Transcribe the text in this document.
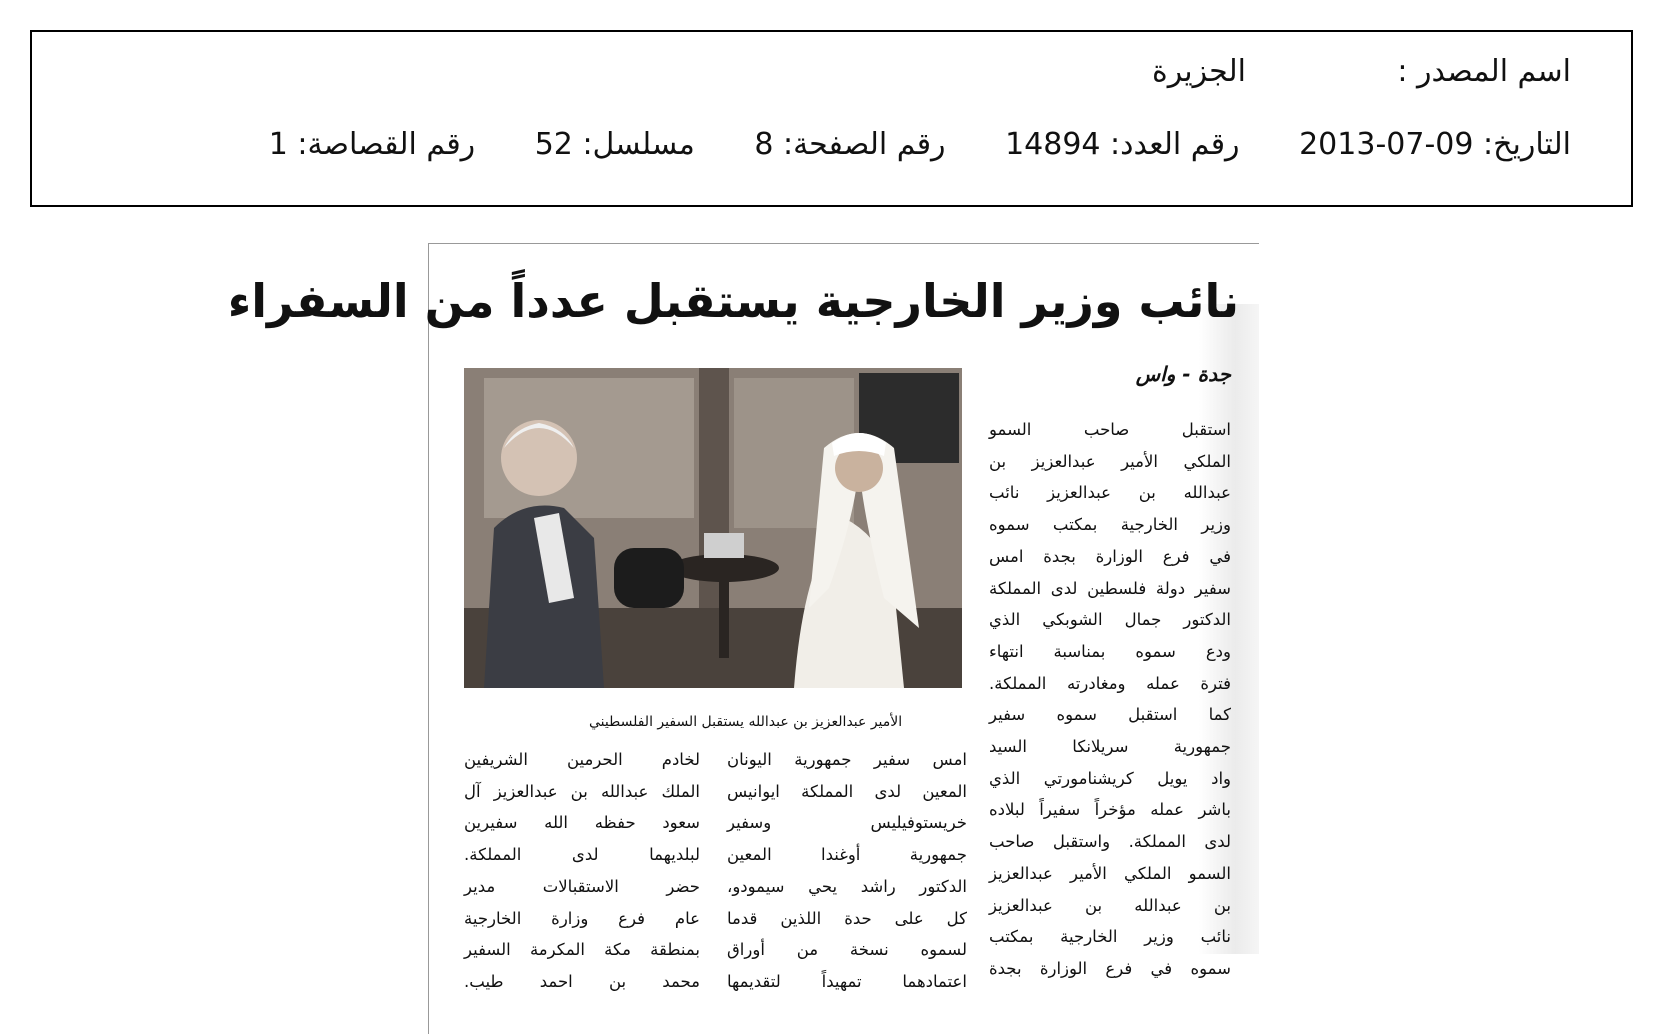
اسم المصدر :الجزيرة
التاريخ: 09-07-2013 رقم العدد: 14894 رقم الصفحة: 8 مسلسل: 52 رقم القصاصة: 1
نائب وزير الخارجية يستقبل عدداً من السفراء
جدة - واس
الأمير عبدالعزيز بن عبدالله يستقبل السفير الفلسطيني
استقبل صاحب السمو
الملكي الأمير عبدالعزيز بن
عبدالله بن عبدالعزيز نائب
وزير الخارجية بمكتب سموه
في فرع الوزارة بجدة امس
سفير دولة فلسطين لدى المملكة
الدكتور جمال الشوبكي الذي
ودع سموه بمناسبة انتهاء
فترة عمله ومغادرته المملكة.
كما استقبل سموه سفير
جمهورية سريلانكا السيد
واد يويل كريشنامورتي الذي
باشر عمله مؤخراً سفيراً لبلاده
لدى المملكة. واستقبل صاحب
السمو الملكي الأمير عبدالعزيز
بن عبدالله بن عبدالعزيز
نائب وزير الخارجية بمكتب
سموه في فرع الوزارة بجدة
امس سفير جمهورية اليونان
المعين لدى المملكة ايوانيس
خريستوفيليس وسفير
جمهورية أوغندا المعين
الدكتور راشد يحي سيمودو،
كل على حدة اللذين قدما
لسموه نسخة من أوراق
اعتمادهما تمهيداً لتقديمها
لخادم الحرمين الشريفين
الملك عبدالله بن عبدالعزيز آل
سعود حفظه الله سفيرين
لبلديهما لدى المملكة.
حضر الاستقبالات مدير
عام فرع وزارة الخارجية
بمنطقة مكة المكرمة السفير
محمد بن احمد طيب.
